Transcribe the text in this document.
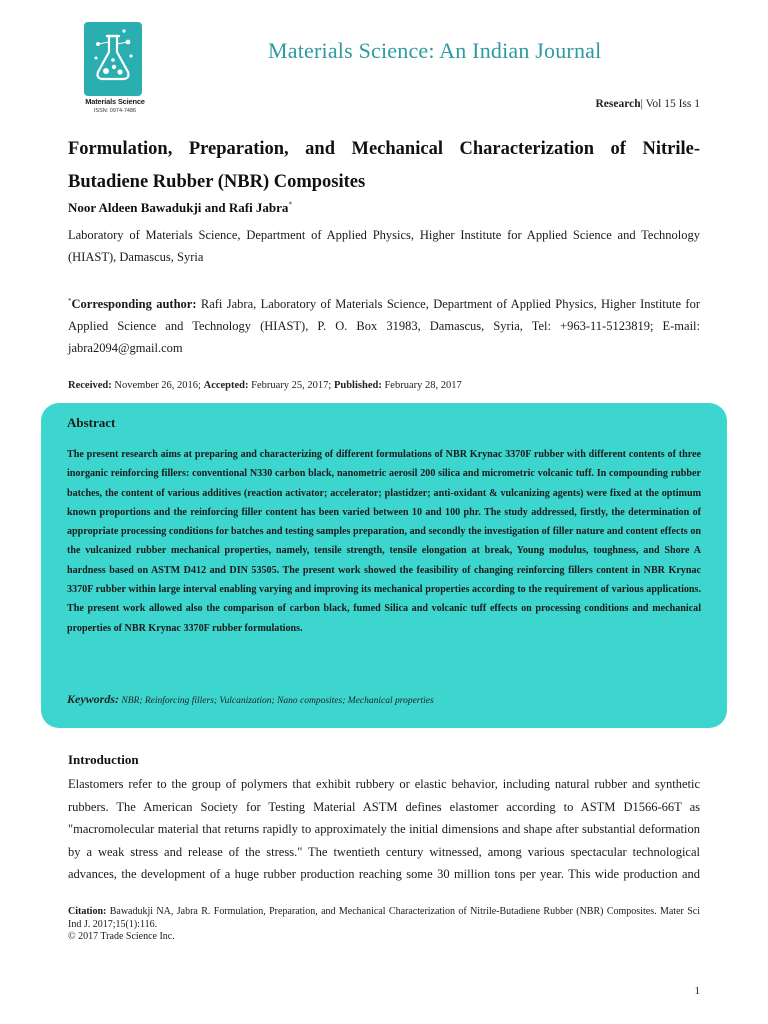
Materials Science
ISSN: 0974-7486
Materials Science: An Indian Journal
Research| Vol 15 Iss 1
Formulation, Preparation, and Mechanical Characterization of Nitrile-Butadiene Rubber (NBR) Composites
Noor Aldeen Bawadukji and Rafi Jabra*
Laboratory of Materials Science, Department of Applied Physics, Higher Institute for Applied Science and Technology (HIAST), Damascus, Syria
*Corresponding author: Rafi Jabra, Laboratory of Materials Science, Department of Applied Physics, Higher Institute for Applied Science and Technology (HIAST), P. O. Box 31983, Damascus, Syria, Tel: +963-11-5123819; E-mail: jabra2094@gmail.com
Received: November 26, 2016; Accepted: February 25, 2017; Published: February 28, 2017
Abstract
The present research aims at preparing and characterizing of different formulations of NBR Krynac 3370F rubber with different contents of three inorganic reinforcing fillers: conventional N330 carbon black, nanometric aerosil 200 silica and micrometric volcanic tuff. In compounding rubber batches, the content of various additives (reaction activator; accelerator; plastidzer; anti-oxidant & vulcanizing agents) were fixed at the optimum known proportions and the reinforcing filler content has been varied between 10 and 100 phr. The study addressed, firstly, the determination of appropriate processing conditions for batches and testing samples preparation, and secondly the investigation of filler nature and content effects on the vulcanized rubber mechanical properties, namely, tensile strength, tensile elongation at break, Young modulus, toughness, and Shore A hardness based on ASTM D412 and DIN 53505. The present work showed the feasibility of changing reinforcing fillers content in NBR Krynac 3370F rubber within large interval enabling varying and improving its mechanical properties according to the requirement of various applications. The present work allowed also the comparison of carbon black, fumed Silica and volcanic tuff effects on processing conditions and mechanical properties of NBR Krynac 3370F rubber formulations.
Keywords: NBR; Reinforcing fillers; Vulcanization; Nano composites; Mechanical properties
Introduction
Elastomers refer to the group of polymers that exhibit rubbery or elastic behavior, including natural rubber and synthetic rubbers. The American Society for Testing Material ASTM defines elastomer according to ASTM D1566-66T as "macromolecular material that returns rapidly to approximately the initial dimensions and shape after substantial deformation by a weak stress and release of the stress." The twentieth century witnessed, among various spectacular technological advances, the development of a huge rubber production reaching some 30 million tons per year. This wide production and
Citation: Bawadukji NA, Jabra R. Formulation, Preparation, and Mechanical Characterization of Nitrile-Butadiene Rubber (NBR) Composites. Mater Sci Ind J. 2017;15(1):116.
© 2017 Trade Science Inc.
1
